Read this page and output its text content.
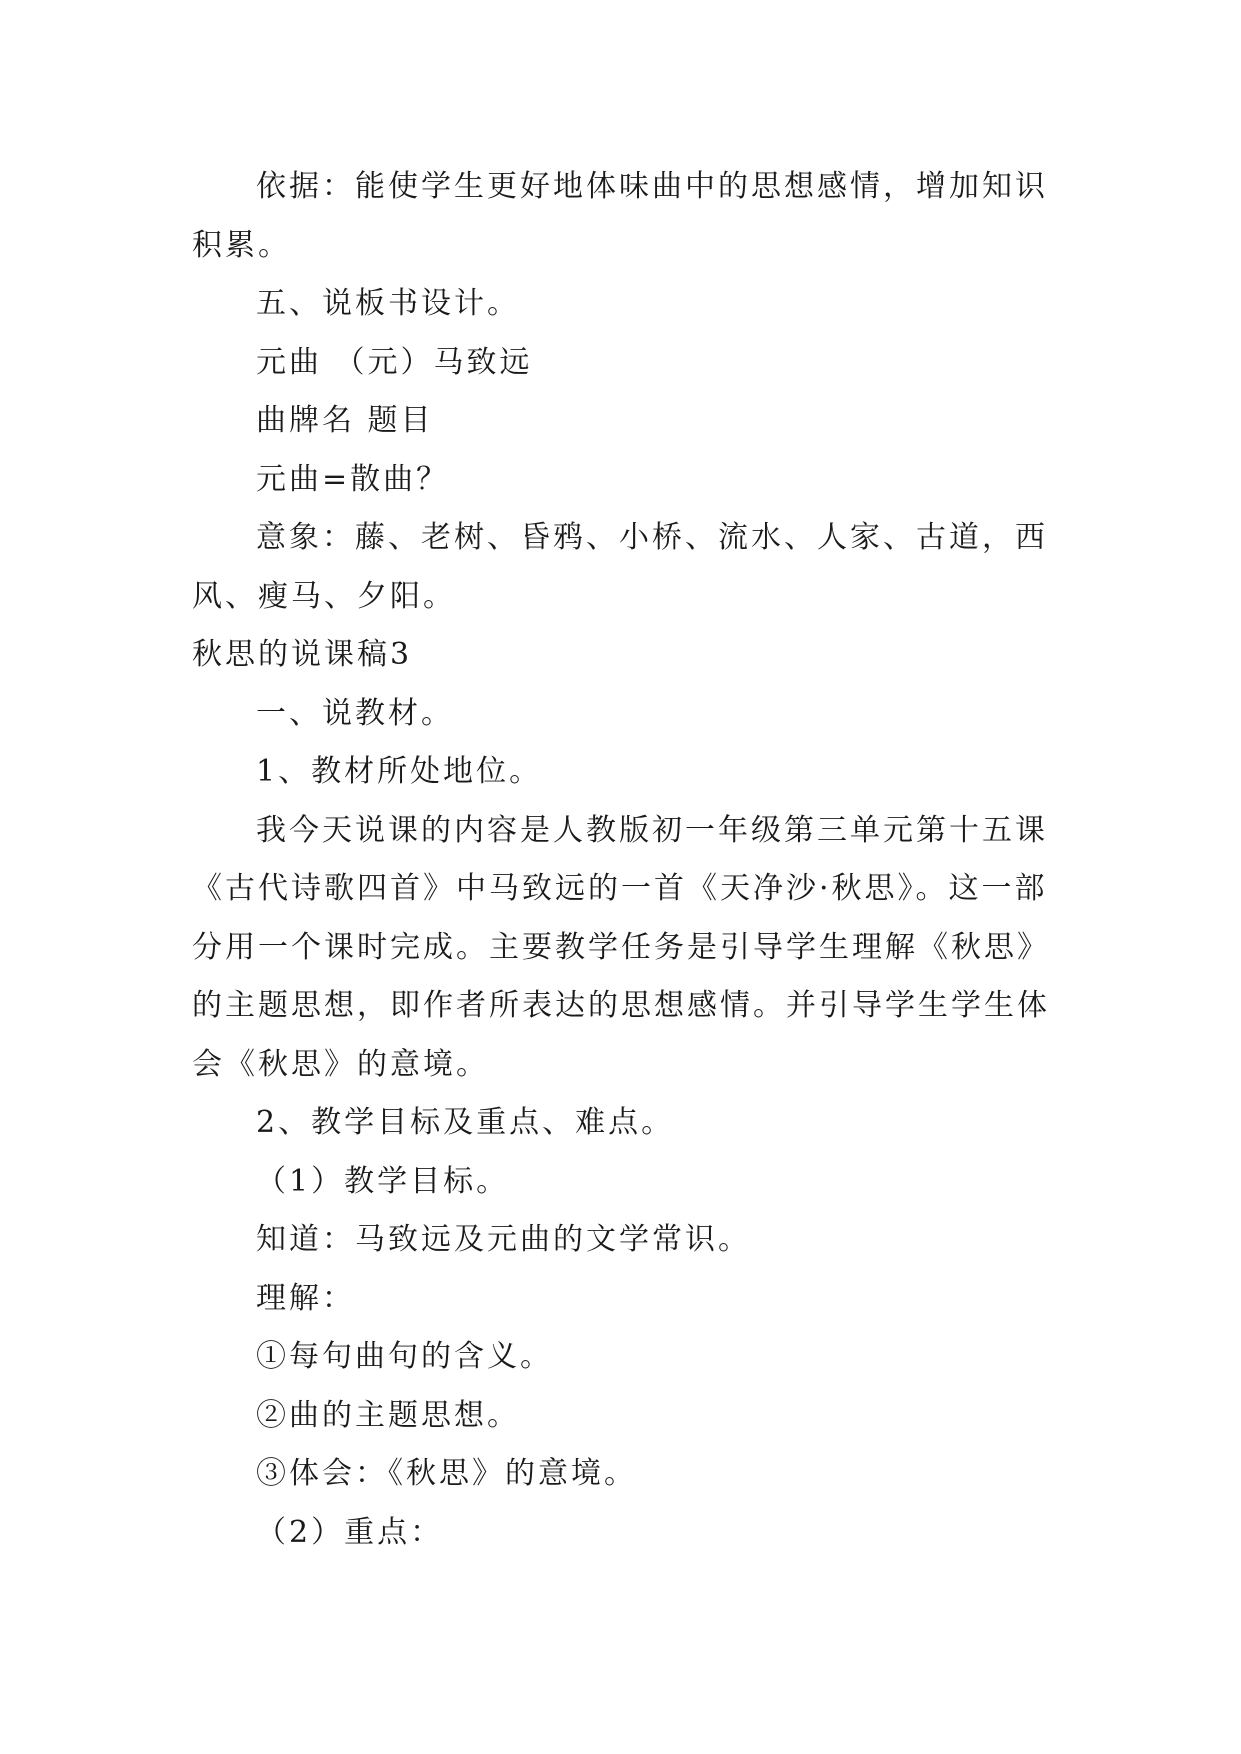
依据：能使学生更好地体味曲中的思想感情，增加知识积累。

五、说板书设计。

元曲 （元）马致远

曲牌名 题目

元曲=散曲？

意象：藤、老树、昏鸦、小桥、流水、人家、古道，西风、瘦马、夕阳。

秋思的说课稿3

一、说教材。

1、教材所处地位。

我今天说课的内容是人教版初一年级第三单元第十五课《古代诗歌四首》中马致远的一首《天净沙·秋思》。这一部分用一个课时完成。主要教学任务是引导学生理解《秋思》的主题思想，即作者所表达的思想感情。并引导学生学生体会《秋思》的意境。

2、教学目标及重点、难点。

（1）教学目标。

知道：马致远及元曲的文学常识。

理解：

①每句曲句的含义。

②曲的主题思想。

③体会：《秋思》的意境。

（2）重点：
